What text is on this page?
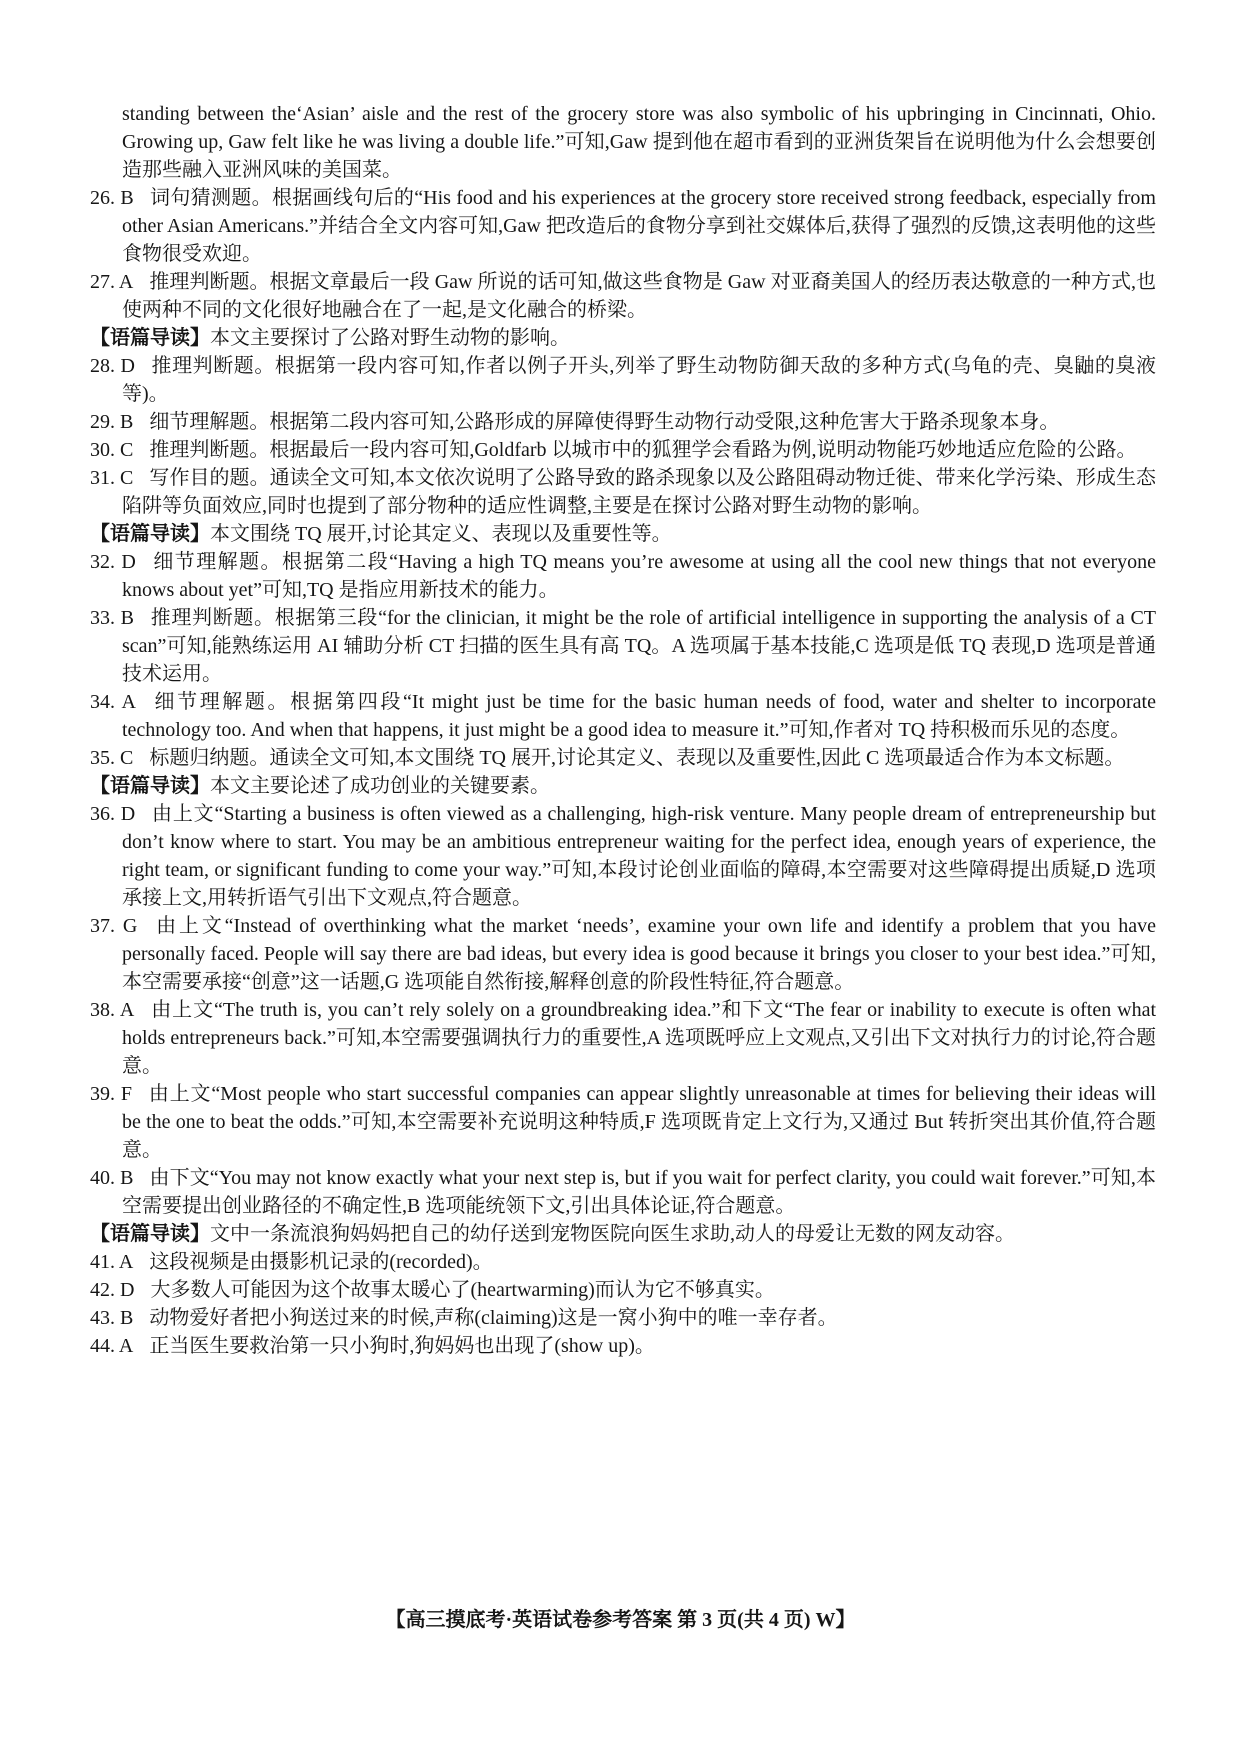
standing between the‘Asian’ aisle and the rest of the grocery store was also symbolic of his upbringing in Cincinnati, Ohio. Growing up, Gaw felt like he was living a double life.”可知,Gaw 提到他在超市看到的亚洲货架旨在说明他为什么会想要创造那些融入亚洲风味的美国菜。

26. B 词句猜测题。根据画线句后的“His food and his experiences at the grocery store received strong feedback, especially from other Asian Americans.”并结合全文内容可知,Gaw 把改造后的食物分享到社交媒体后,获得了强烈的反馈,这表明他的这些食物很受欢迎。

27. A 推理判断题。根据文章最后一段 Gaw 所说的话可知,做这些食物是 Gaw 对亚裔美国人的经历表达敬意的一种方式,也使两种不同的文化很好地融合在了一起,是文化融合的桥梁。

【语篇导读】本文主要探讨了公路对野生动物的影响。

28. D 推理判断题。根据第一段内容可知,作者以例子开头,列举了野生动物防御天敌的多种方式(乌龟的壳、臭鼬的臭液等)。

29. B 细节理解题。根据第二段内容可知,公路形成的屏障使得野生动物行动受限,这种危害大于路杀现象本身。

30. C 推理判断题。根据最后一段内容可知,Goldfarb 以城市中的狐狸学会看路为例,说明动物能巧妙地适应危险的公路。

31. C 写作目的题。通读全文可知,本文依次说明了公路导致的路杀现象以及公路阻碍动物迁徙、带来化学污染、形成生态陷阱等负面效应,同时也提到了部分物种的适应性调整,主要是在探讨公路对野生动物的影响。

【语篇导读】本文围绕 TQ 展开,讨论其定义、表现以及重要性等。

32. D 细节理解题。根据第二段“Having a high TQ means you’re awesome at using all the cool new things that not everyone knows about yet”可知,TQ 是指应用新技术的能力。

33. B 推理判断题。根据第三段“for the clinician, it might be the role of artificial intelligence in supporting the analysis of a CT scan”可知,能熟练运用 AI 辅助分析 CT 扫描的医生具有高 TQ。A 选项属于基本技能,C 选项是低 TQ 表现,D 选项是普通技术运用。

34. A 细节理解题。根据第四段“It might just be time for the basic human needs of food, water and shelter to incorporate technology too. And when that happens, it just might be a good idea to measure it.”可知,作者对 TQ 持积极而乐见的态度。

35. C 标题归纳题。通读全文可知,本文围绕 TQ 展开,讨论其定义、表现以及重要性,因此 C 选项最适合作为本文标题。

【语篇导读】本文主要论述了成功创业的关键要素。

36. D 由上文“Starting a business is often viewed as a challenging, high-risk venture. Many people dream of entrepreneurship but don’t know where to start. You may be an ambitious entrepreneur waiting for the perfect idea, enough years of experience, the right team, or significant funding to come your way.”可知,本段讨论创业面临的障碍,本空需要对这些障碍提出质疑,D 选项承接上文,用转折语气引出下文观点,符合题意。

37. G 由上文“Instead of overthinking what the market ‘needs’, examine your own life and identify a problem that you have personally faced. People will say there are bad ideas, but every idea is good because it brings you closer to your best idea.”可知,本空需要承接“创意”这一话题,G 选项能自然衔接,解释创意的阶段性特征,符合题意。

38. A 由上文“The truth is, you can’t rely solely on a groundbreaking idea.”和下文“The fear or inability to execute is often what holds entrepreneurs back.”可知,本空需要强调执行力的重要性,A 选项既呼应上文观点,又引出下文对执行力的讨论,符合题意。

39. F 由上文“Most people who start successful companies can appear slightly unreasonable at times for believing their ideas will be the one to beat the odds.”可知,本空需要补充说明这种特质,F 选项既肯定上文行为,又通过 But 转折突出其价值,符合题意。

40. B 由下文“You may not know exactly what your next step is, but if you wait for perfect clarity, you could wait forever.”可知,本空需要提出创业路径的不确定性,B 选项能统领下文,引出具体论证,符合题意。

【语篇导读】文中一条流浪狗妈妈把自己的幼仔送到宠物医院向医生求助,动人的母爱让无数的网友动容。

41. A 这段视频是由摄影机记录的(recorded)。

42. D 大多数人可能因为这个故事太暖心了(heartwarming)而认为它不够真实。

43. B 动物爱好者把小狗送过来的时候,声称(claiming)这是一窝小狗中的唯一幸存者。

44. A 正当医生要救治第一只小狗时,狗妈妈也出现了(show up)。

【高三摸底考·英语试卷参考答案 第 3 页(共 4 页) W】
